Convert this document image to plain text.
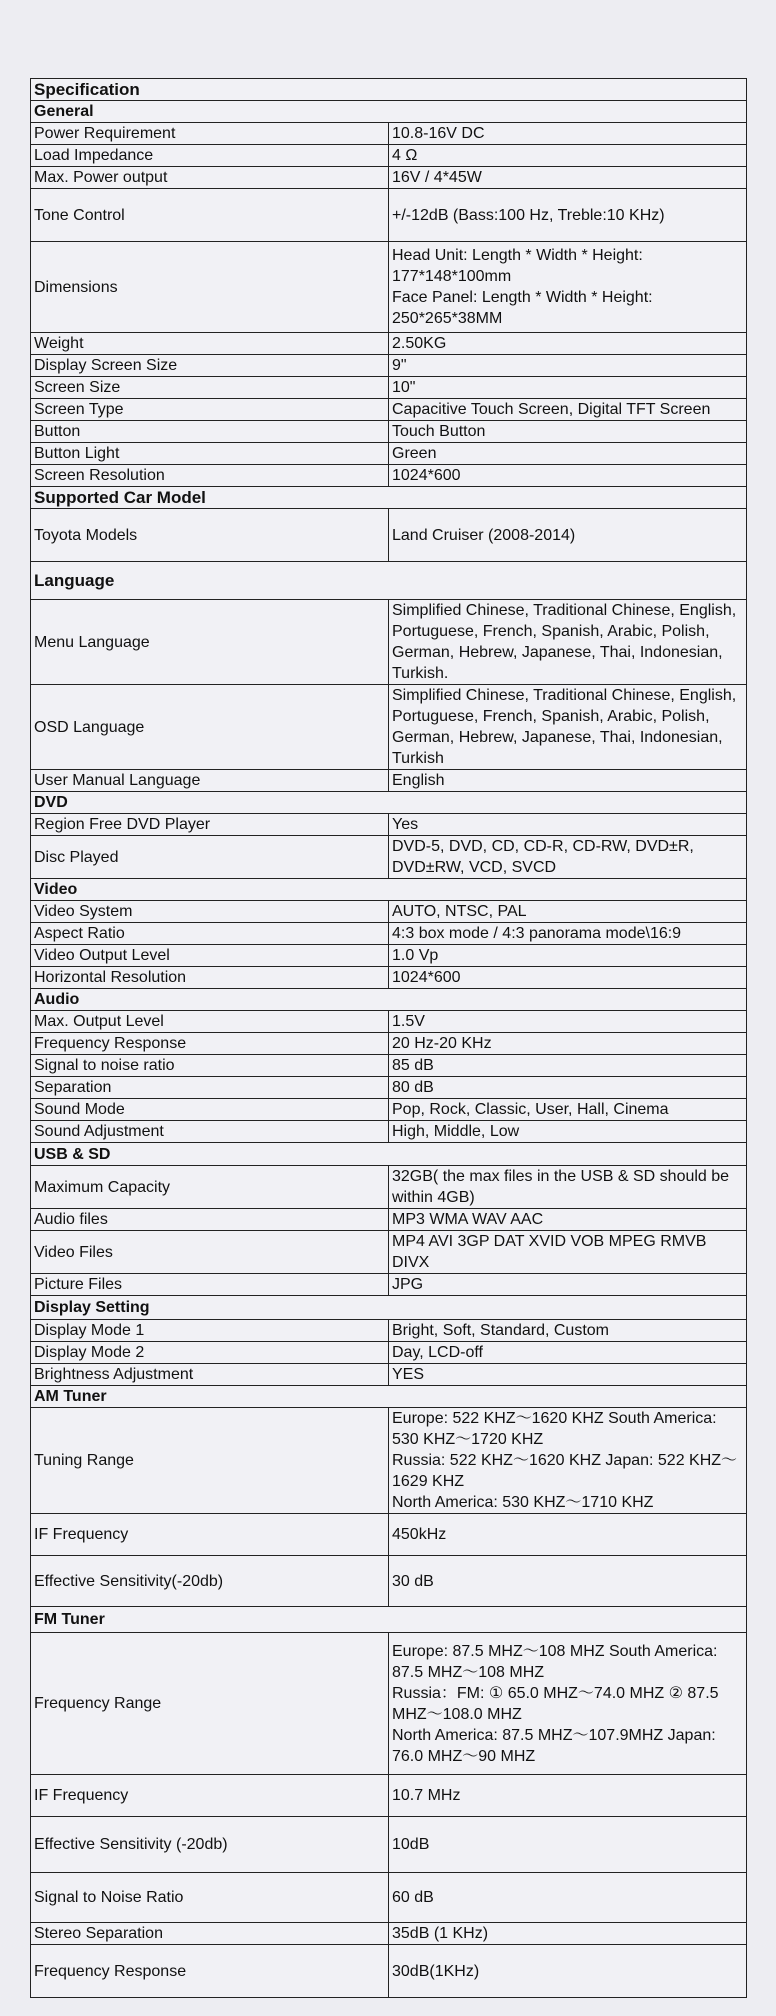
Specification	
General	
Power Requirement	10.8-16V DC
Load Impedance	4 Ω
Max. Power output	16V / 4*45W
Tone Control	+/-12dB (Bass:100 Hz, Treble:10 KHz)
Dimensions	Head Unit: Length * Width * Height: 177*148*100mm
Face Panel: Length * Width * Height: 250*265*38MM
Weight	2.50KG
Display Screen Size	9"
Screen Size	10"
Screen Type	Capacitive Touch Screen, Digital TFT Screen
Button	Touch Button
Button Light	Green
Screen Resolution	1024*600
Supported Car Model	
Toyota Models	Land Cruiser (2008-2014)
Language	
Menu Language	Simplified Chinese, Traditional Chinese, English, Portuguese, French, Spanish, Arabic, Polish, German, Hebrew, Japanese, Thai, Indonesian, Turkish.
OSD Language	Simplified Chinese, Traditional Chinese, English, Portuguese, French, Spanish, Arabic, Polish, German, Hebrew, Japanese, Thai, Indonesian, Turkish
User Manual Language	English
DVD	
Region Free DVD Player	Yes
Disc Played	DVD-5, DVD, CD, CD-R, CD-RW, DVD±R, DVD±RW, VCD, SVCD
Video	
Video System	AUTO, NTSC, PAL
Aspect Ratio	4:3 box mode / 4:3 panorama mode\16:9
Video Output Level	1.0 Vp
Horizontal Resolution	1024*600
Audio	
Max. Output Level	1.5V
Frequency Response	20 Hz-20 KHz
Signal to noise ratio	85 dB
Separation	80 dB
Sound Mode	Pop, Rock, Classic, User, Hall, Cinema
Sound Adjustment	High, Middle, Low
USB & SD	
Maximum Capacity	32GB( the max files in the USB & SD should be within 4GB)
Audio files	MP3 WMA WAV AAC
Video Files	MP4 AVI 3GP DAT XVID VOB MPEG RMVB DIVX
Picture Files	JPG
Display Setting	
Display Mode 1	Bright, Soft, Standard, Custom
Display Mode 2	Day, LCD-off
Brightness Adjustment	YES
AM Tuner	
Tuning Range	Europe: 522 KHZ～1620 KHZ South America: 530 KHZ～1720 KHZ
Russia: 522 KHZ～1620 KHZ Japan: 522 KHZ～1629 KHZ
North America: 530 KHZ～1710 KHZ
IF Frequency	450kHz
Effective Sensitivity(-20db)	30 dB
FM Tuner	
Frequency Range	Europe: 87.5 MHZ～108 MHZ South America: 87.5 MHZ～108 MHZ
Russia：FM: ① 65.0 MHZ～74.0 MHZ ② 87.5 MHZ～108.0 MHZ
North America: 87.5 MHZ～107.9MHZ Japan: 76.0 MHZ～90 MHZ
IF Frequency	10.7 MHz
Effective Sensitivity (-20db)	10dB
Signal to Noise Ratio	60 dB
Stereo Separation	35dB (1 KHz)
Frequency Response	30dB(1KHz)
